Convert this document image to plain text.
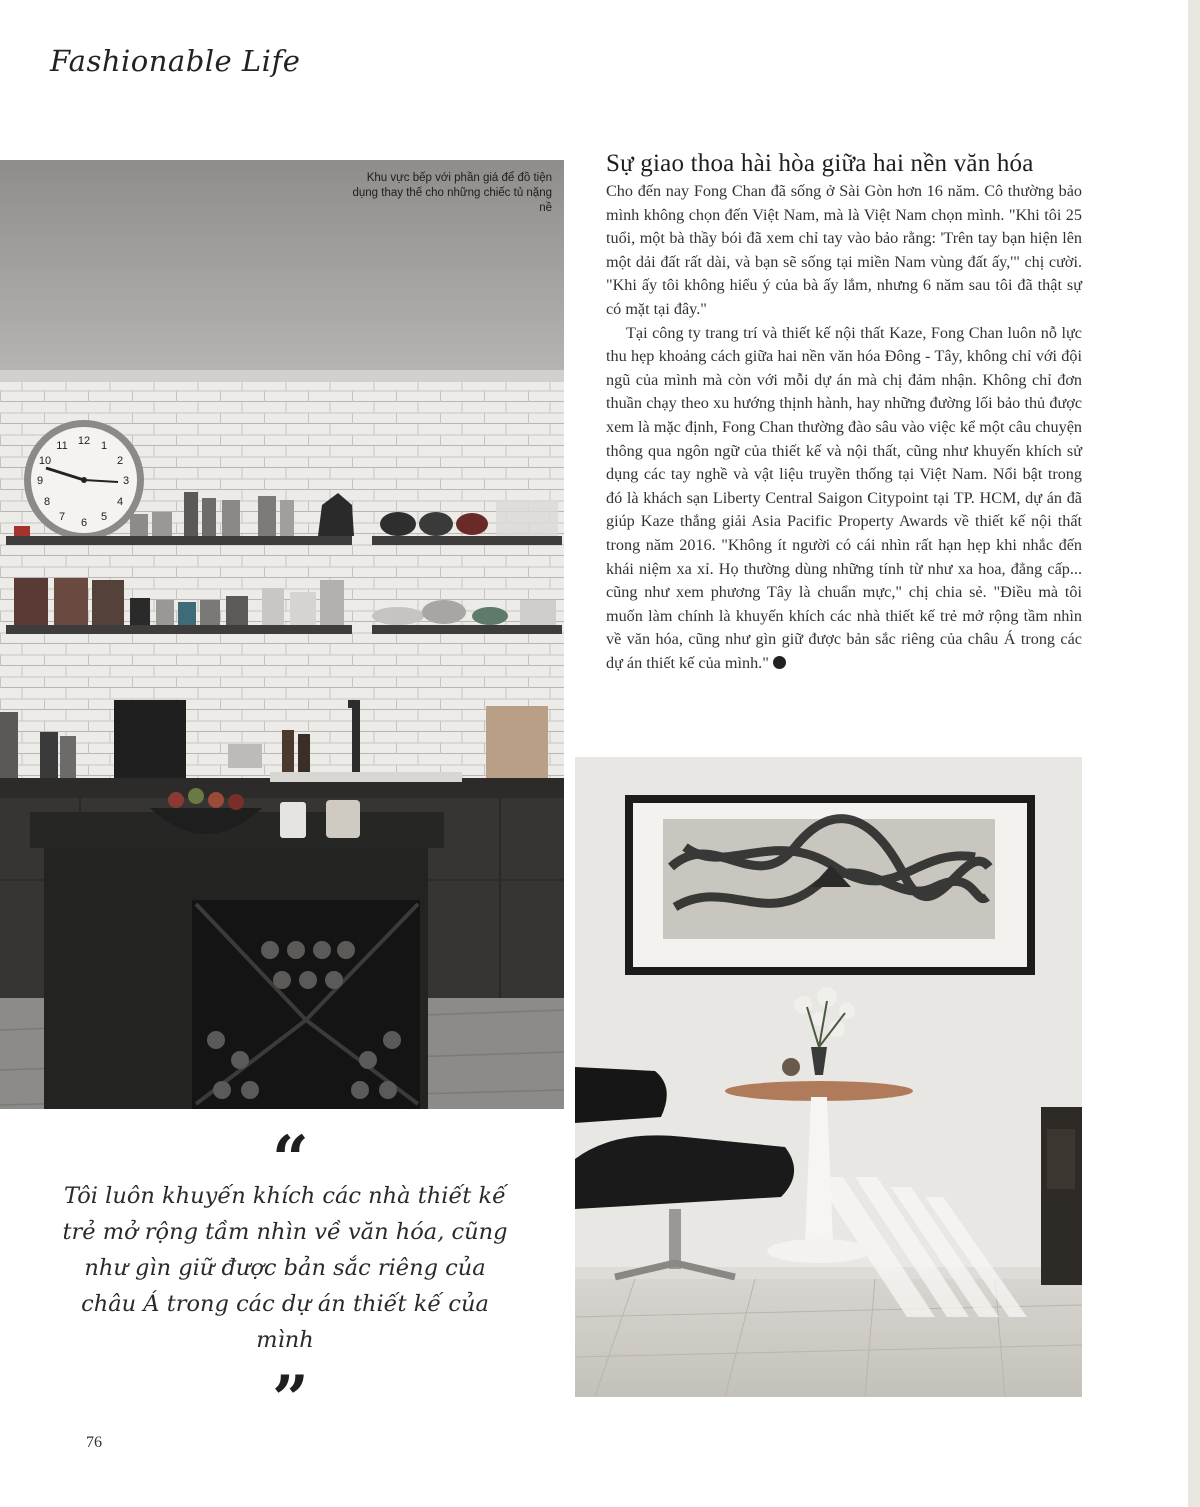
Fashionable Life
12 1
2
3
4
5
6
7
8
9
10
11

Khu vực bếp với phần giá để đồ tiện dụng thay thế cho những chiếc tủ nặng nề

Sự giao thoa hài hòa giữa hai nền văn hóa

Cho đến nay Fong Chan đã sống ở Sài Gòn hơn 16 năm. Cô thường bảo mình không chọn đến Việt Nam, mà là Việt Nam chọn mình. "Khi tôi 25 tuổi, một bà thầy bói đã xem chỉ tay vào bảo rằng: 'Trên tay bạn hiện lên một dải đất rất dài, và bạn sẽ sống tại miền Nam vùng đất ấy,'" chị cười. "Khi ấy tôi không hiểu ý của bà ấy lắm, nhưng 6 năm sau tôi đã thật sự có mặt tại đây."

Tại công ty trang trí và thiết kế nội thất Kaze, Fong Chan luôn nỗ lực thu hẹp khoảng cách giữa hai nền văn hóa Đông - Tây, không chỉ với đội ngũ của mình mà còn với mỗi dự án mà chị đảm nhận. Không chỉ đơn thuần chạy theo xu hướng thịnh hành, hay những đường lối bảo thủ được xem là mặc định, Fong Chan thường đào sâu vào việc kể một câu chuyện thông qua ngôn ngữ của thiết kế và nội thất, cũng như khuyến khích sử dụng các tay nghề và vật liệu truyền thống tại Việt Nam. Nổi bật trong đó là khách sạn Liberty Central Saigon Citypoint tại TP. HCM, dự án đã giúp Kaze thắng giải Asia Pacific Property Awards về thiết kế nội thất trong năm 2016. "Không ít người có cái nhìn rất hạn hẹp khi nhắc đến khái niệm xa xỉ. Họ thường dùng những tính từ như xa hoa, đẳng cấp... cũng như xem phương Tây là chuẩn mực," chị chia sẻ. "Điều mà tôi muốn làm chính là khuyến khích các nhà thiết kế trẻ mở rộng tầm nhìn về văn hóa, cũng như gìn giữ được bản sắc riêng của châu Á trong các dự án thiết kế của mình."

“

Tôi luôn khuyến khích các nhà thiết kế trẻ mở rộng tầm nhìn về văn hóa, cũng như gìn giữ được bản sắc riêng của châu Á trong các dự án thiết kế của mình

”
76
